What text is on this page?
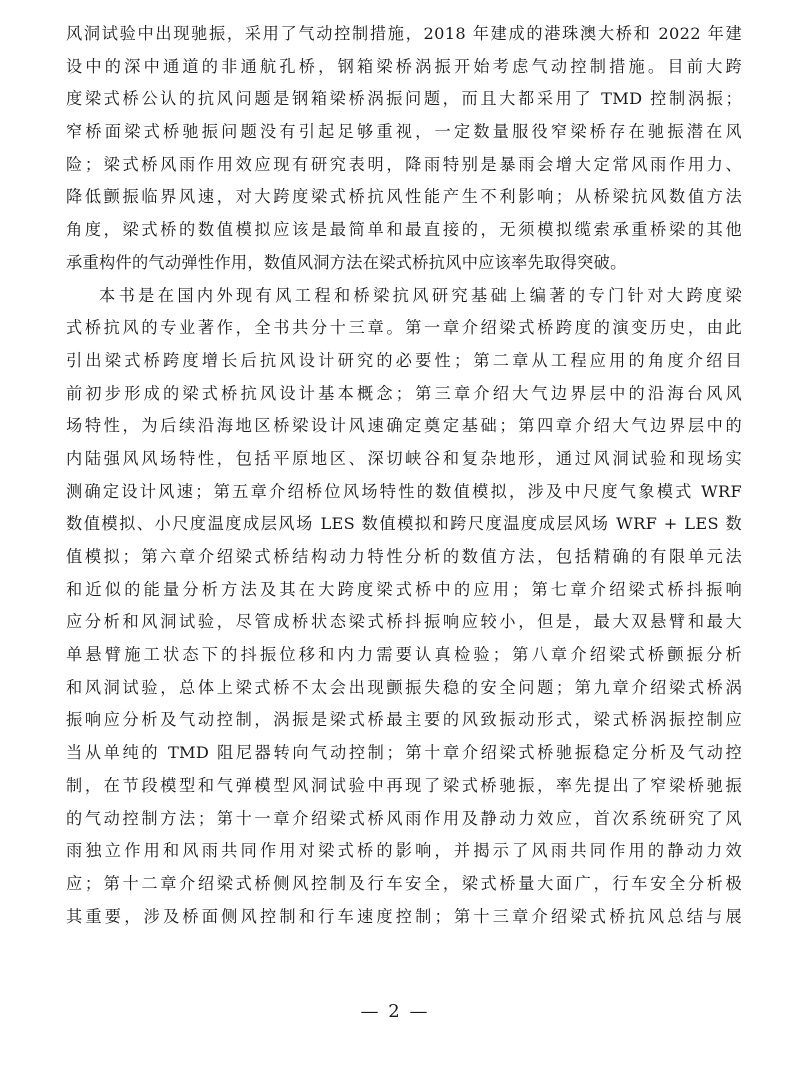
风洞试验中出现驰振，采用了气动控制措施，2018 年建成的港珠澳大桥和 2022 年建
设中的深中通道的非通航孔桥，钢箱梁桥涡振开始考虑气动控制措施。目前大跨
度梁式桥公认的抗风问题是钢箱梁桥涡振问题，而且大都采用了 TMD 控制涡振；
窄桥面梁式桥驰振问题没有引起足够重视，一定数量服役窄梁桥存在驰振潜在风
险；梁式桥风雨作用效应现有研究表明，降雨特别是暴雨会增大定常风雨作用力、
降低颤振临界风速，对大跨度梁式桥抗风性能产生不利影响；从桥梁抗风数值方法
角度，梁式桥的数值模拟应该是最简单和最直接的，无须模拟缆索承重桥梁的其他
承重构件的气动弹性作用，数值风洞方法在梁式桥抗风中应该率先取得突破。
本书是在国内外现有风工程和桥梁抗风研究基础上编著的专门针对大跨度梁
式桥抗风的专业著作，全书共分十三章。第一章介绍梁式桥跨度的演变历史，由此
引出梁式桥跨度增长后抗风设计研究的必要性；第二章从工程应用的角度介绍目
前初步形成的梁式桥抗风设计基本概念；第三章介绍大气边界层中的沿海台风风
场特性，为后续沿海地区桥梁设计风速确定奠定基础；第四章介绍大气边界层中的
内陆强风风场特性，包括平原地区、深切峡谷和复杂地形，通过风洞试验和现场实
测确定设计风速；第五章介绍桥位风场特性的数值模拟，涉及中尺度气象模式 WRF
数值模拟、小尺度温度成层风场 LES 数值模拟和跨尺度温度成层风场 WRF + LES 数
值模拟；第六章介绍梁式桥结构动力特性分析的数值方法，包括精确的有限单元法
和近似的能量分析方法及其在大跨度梁式桥中的应用；第七章介绍梁式桥抖振响
应分析和风洞试验，尽管成桥状态梁式桥抖振响应较小，但是，最大双悬臂和最大
单悬臂施工状态下的抖振位移和内力需要认真检验；第八章介绍梁式桥颤振分析
和风洞试验，总体上梁式桥不太会出现颤振失稳的安全问题；第九章介绍梁式桥涡
振响应分析及气动控制，涡振是梁式桥最主要的风致振动形式，梁式桥涡振控制应
当从单纯的 TMD 阻尼器转向气动控制；第十章介绍梁式桥驰振稳定分析及气动控
制，在节段模型和气弹模型风洞试验中再现了梁式桥驰振，率先提出了窄梁桥驰振
的气动控制方法；第十一章介绍梁式桥风雨作用及静动力效应，首次系统研究了风
雨独立作用和风雨共同作用对梁式桥的影响，并揭示了风雨共同作用的静动力效
应；第十二章介绍梁式桥侧风控制及行车安全，梁式桥量大面广，行车安全分析极
其重要，涉及桥面侧风控制和行车速度控制；第十三章介绍梁式桥抗风总结与展
— 2 —
